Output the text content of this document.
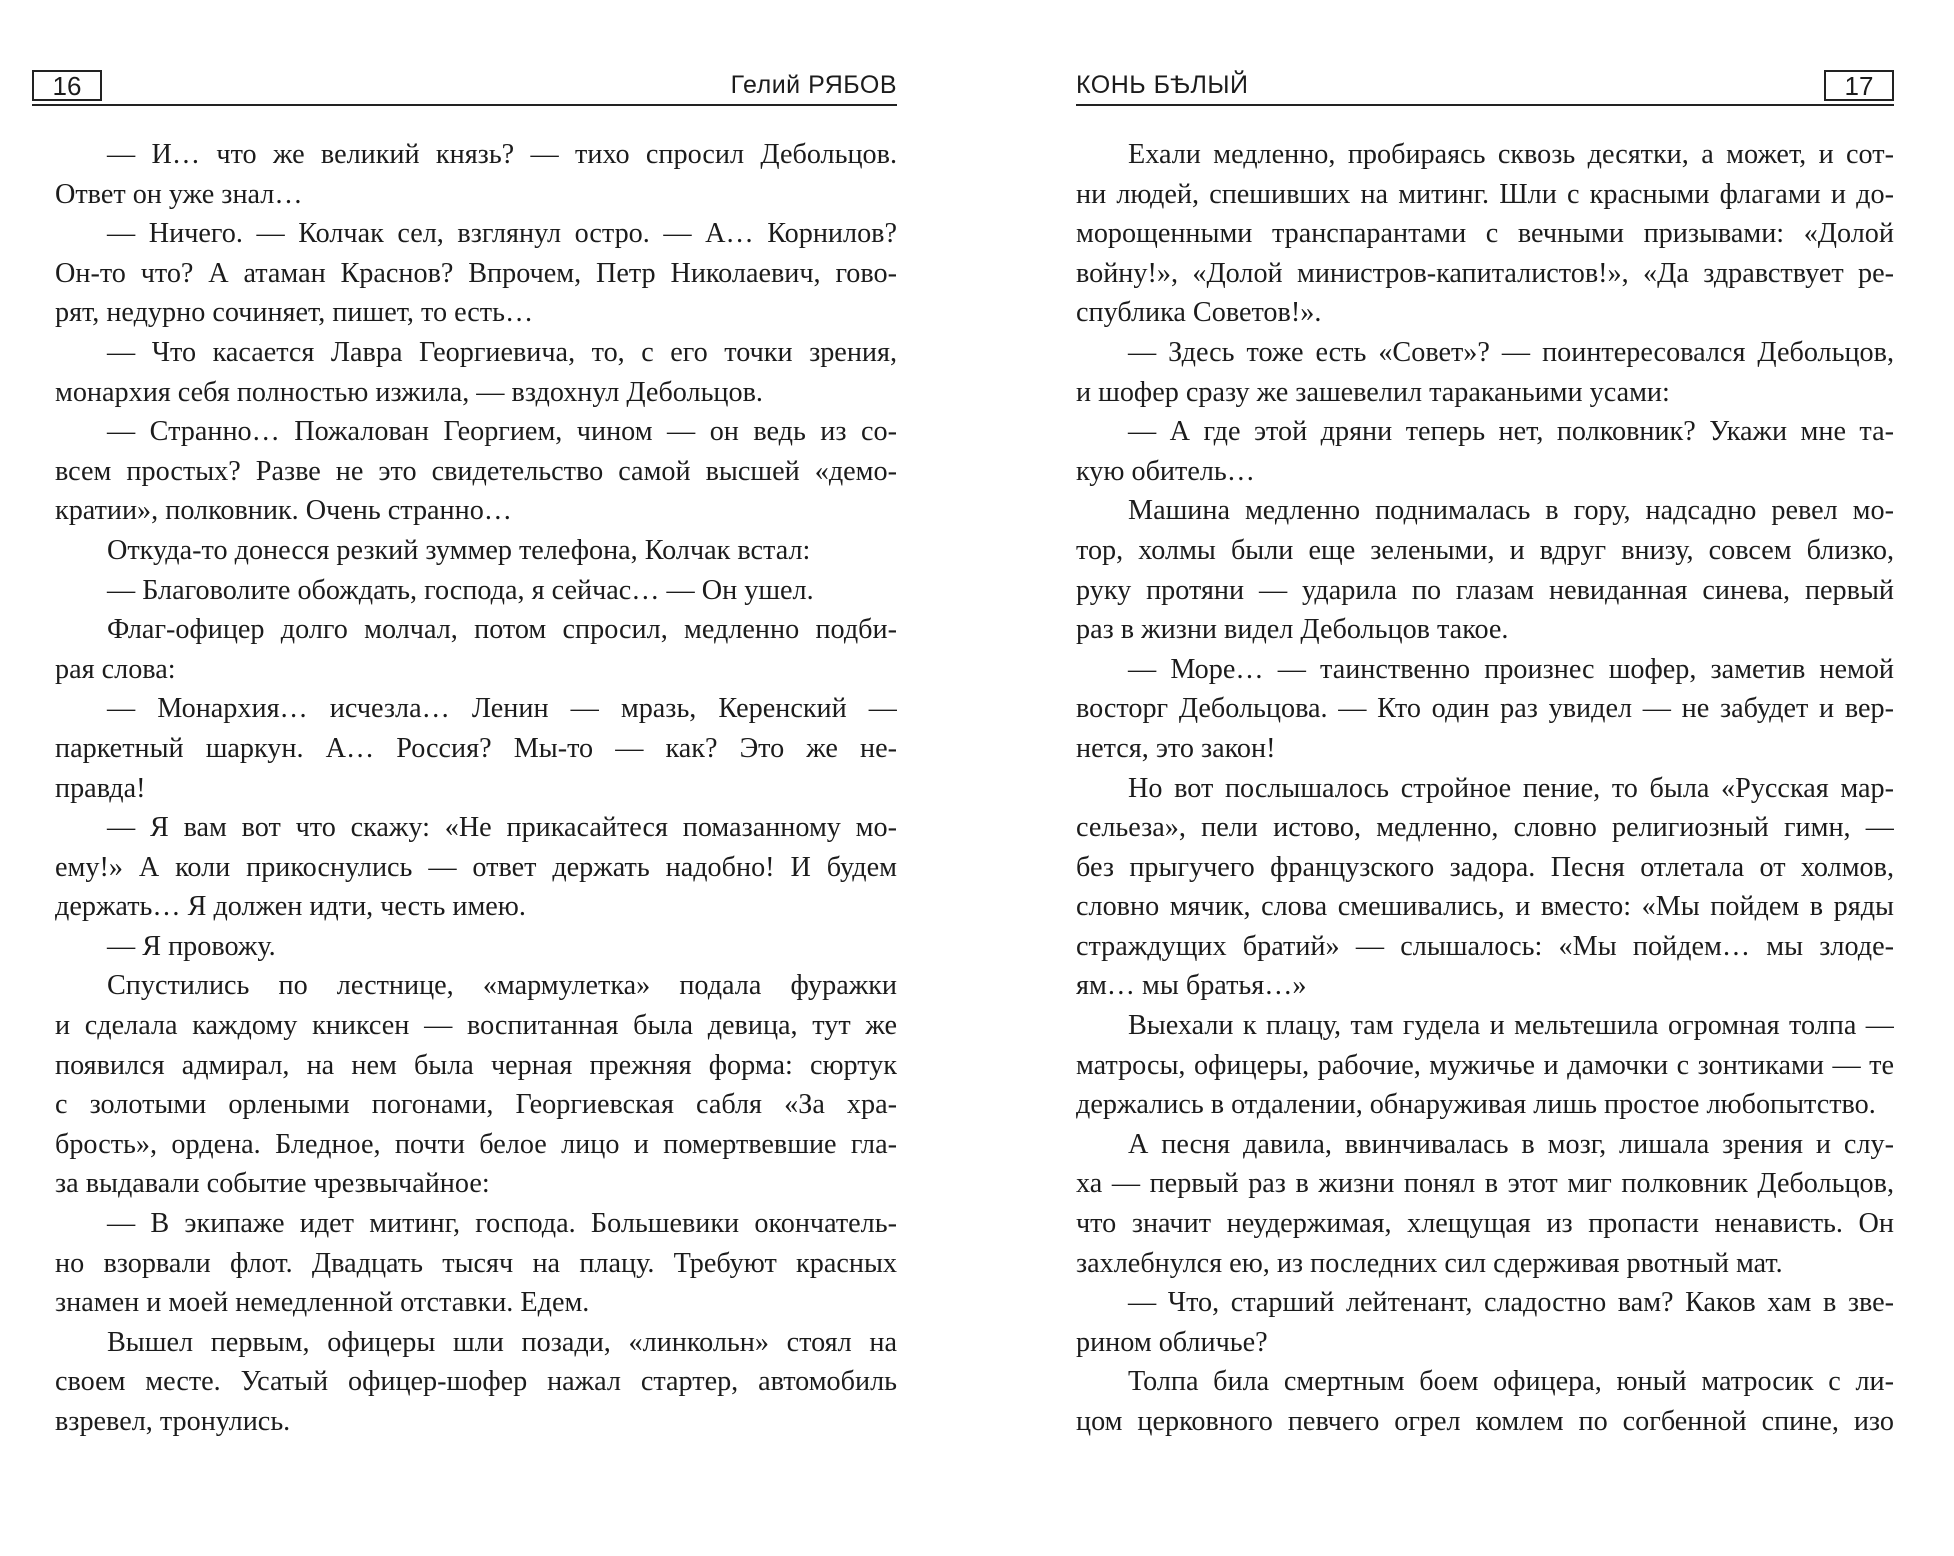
16	Гелий РЯБОВ
— И… что же великий князь? — тихо спросил Дебольцов.
Ответ он уже знал…
— Ничего. — Колчак сел, взглянул остро. — А… Корнилов?
Он-то что? А атаман Краснов? Впрочем, Петр Николаевич, гово-
рят, недурно сочиняет, пишет, то есть…
— Что касается Лавра Георгиевича, то, с его точки зрения,
монархия себя полностью изжила, — вздохнул Дебольцов.
— Странно… Пожалован Георгием, чином — он ведь из со-
всем простых? Разве не это свидетельство самой высшей «демо-
кратии», полковник. Очень странно…
Откуда-то донесся резкий зуммер телефона, Колчак встал:
— Благоволите обождать, господа, я сейчас… — Он ушел.
Флаг-офицер долго молчал, потом спросил, медленно подби-
рая слова:
— Монархия… исчезла… Ленин — мразь, Керенский —
паркетный шаркун. А… Россия? Мы-то — как? Это же не-
правда!
— Я вам вот что скажу: «Не прикасайтеся помазанному мо-
ему!» А коли прикоснулись — ответ держать надобно! И будем
держать… Я должен идти, честь имею.
— Я провожу.
Спустились по лестнице, «мармулетка» подала фуражки
и сделала каждому книксен — воспитанная была девица, тут же
появился адмирал, на нем была черная прежняя форма: сюртук
с золотыми орлеными погонами, Георгиевская сабля «За хра-
брость», ордена. Бледное, почти белое лицо и помертвевшие гла-
за выдавали событие чрезвычайное:
— В экипаже идет митинг, господа. Большевики окончатель-
но взорвали флот. Двадцать тысяч на плацу. Требуют красных
знамен и моей немедленной отставки. Едем.
Вышел первым, офицеры шли позади, «линкольн» стоял на
своем месте. Усатый офицер-шофер нажал стартер, автомобиль
взревел, тронулись.
КОНЬ БѢЛЫЙ	17
Ехали медленно, пробираясь сквозь десятки, а может, и сот-
ни людей, спешивших на митинг. Шли с красными флагами и до-
морощенными транспарантами с вечными призывами: «Долой
войну!», «Долой министров-капиталистов!», «Да здравствует ре-
спублика Советов!».
— Здесь тоже есть «Совет»? — поинтересовался Дебольцов,
и шофер сразу же зашевелил тараканьими усами:
— А где этой дряни теперь нет, полковник? Укажи мне та-
кую обитель…
Машина медленно поднималась в гору, надсадно ревел мо-
тор, холмы были еще зелеными, и вдруг внизу, совсем близко,
руку протяни — ударила по глазам невиданная синева, первый
раз в жизни видел Дебольцов такое.
— Море… — таинственно произнес шофер, заметив немой
восторг Дебольцова. — Кто один раз увидел — не забудет и вер-
нется, это закон!
Но вот послышалось стройное пение, то была «Русская мар-
сельеза», пели истово, медленно, словно религиозный гимн, —
без прыгучего французского задора. Песня отлетала от холмов,
словно мячик, слова смешивались, и вместо: «Мы пойдем в ряды
страждущих братий» — слышалось: «Мы пойдем… мы злоде-
ям… мы братья…»
Выехали к плацу, там гудела и мельтешила огромная толпа —
матросы, офицеры, рабочие, мужичье и дамочки с зонтиками — те
держались в отдалении, обнаруживая лишь простое любопытство.
А песня давила, ввинчивалась в мозг, лишала зрения и слу-
ха — первый раз в жизни понял в этот миг полковник Дебольцов,
что значит неудержимая, хлещущая из пропасти ненависть. Он
захлебнулся ею, из последних сил сдерживая рвотный мат.
— Что, старший лейтенант, сладостно вам? Каков хам в зве-
рином обличье?
Толпа била смертным боем офицера, юный матросик с ли-
цом церковного певчего огрел комлем по согбенной спине, изо
